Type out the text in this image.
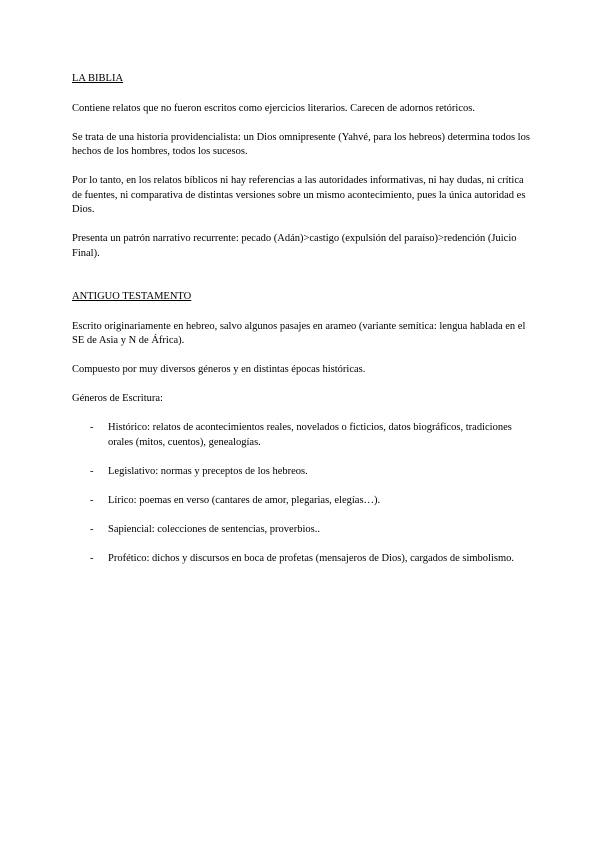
LA BIBLIA

Contiene relatos que no fueron escritos como ejercicios literarios. Carecen de adornos retóricos.

Se trata de una historia providencialista: un Dios omnipresente (Yahvé, para los hebreos) determina todos los hechos de los hombres, todos los sucesos.

Por lo tanto, en los relatos bíblicos ni hay referencias a las autoridades informativas, ni hay dudas, ni crítica de fuentes, ni comparativa de distintas versiones sobre un mismo acontecimiento, pues la única autoridad es Dios.

Presenta un patrón narrativo recurrente: pecado (Adán)>castigo (expulsión del paraíso)>redención (Juicio Final).

ANTIGUO TESTAMENTO

Escrito originariamente en hebreo, salvo algunos pasajes en arameo (variante semítica: lengua hablada en el SE de Asia y N de África).

Compuesto por muy diversos géneros y en distintas épocas históricas.

Géneros de Escritura:

- Histórico: relatos de acontecimientos reales, novelados o ficticios, datos biográficos, tradiciones orales (mitos, cuentos), genealogías.
- Legislativo: normas y preceptos de los hebreos.
- Lírico: poemas en verso (cantares de amor, plegarias, elegías…).
- Sapiencial: colecciones de sentencias, proverbios..
- Profético: dichos y discursos en boca de profetas (mensajeros de Dios), cargados de simbolismo.
